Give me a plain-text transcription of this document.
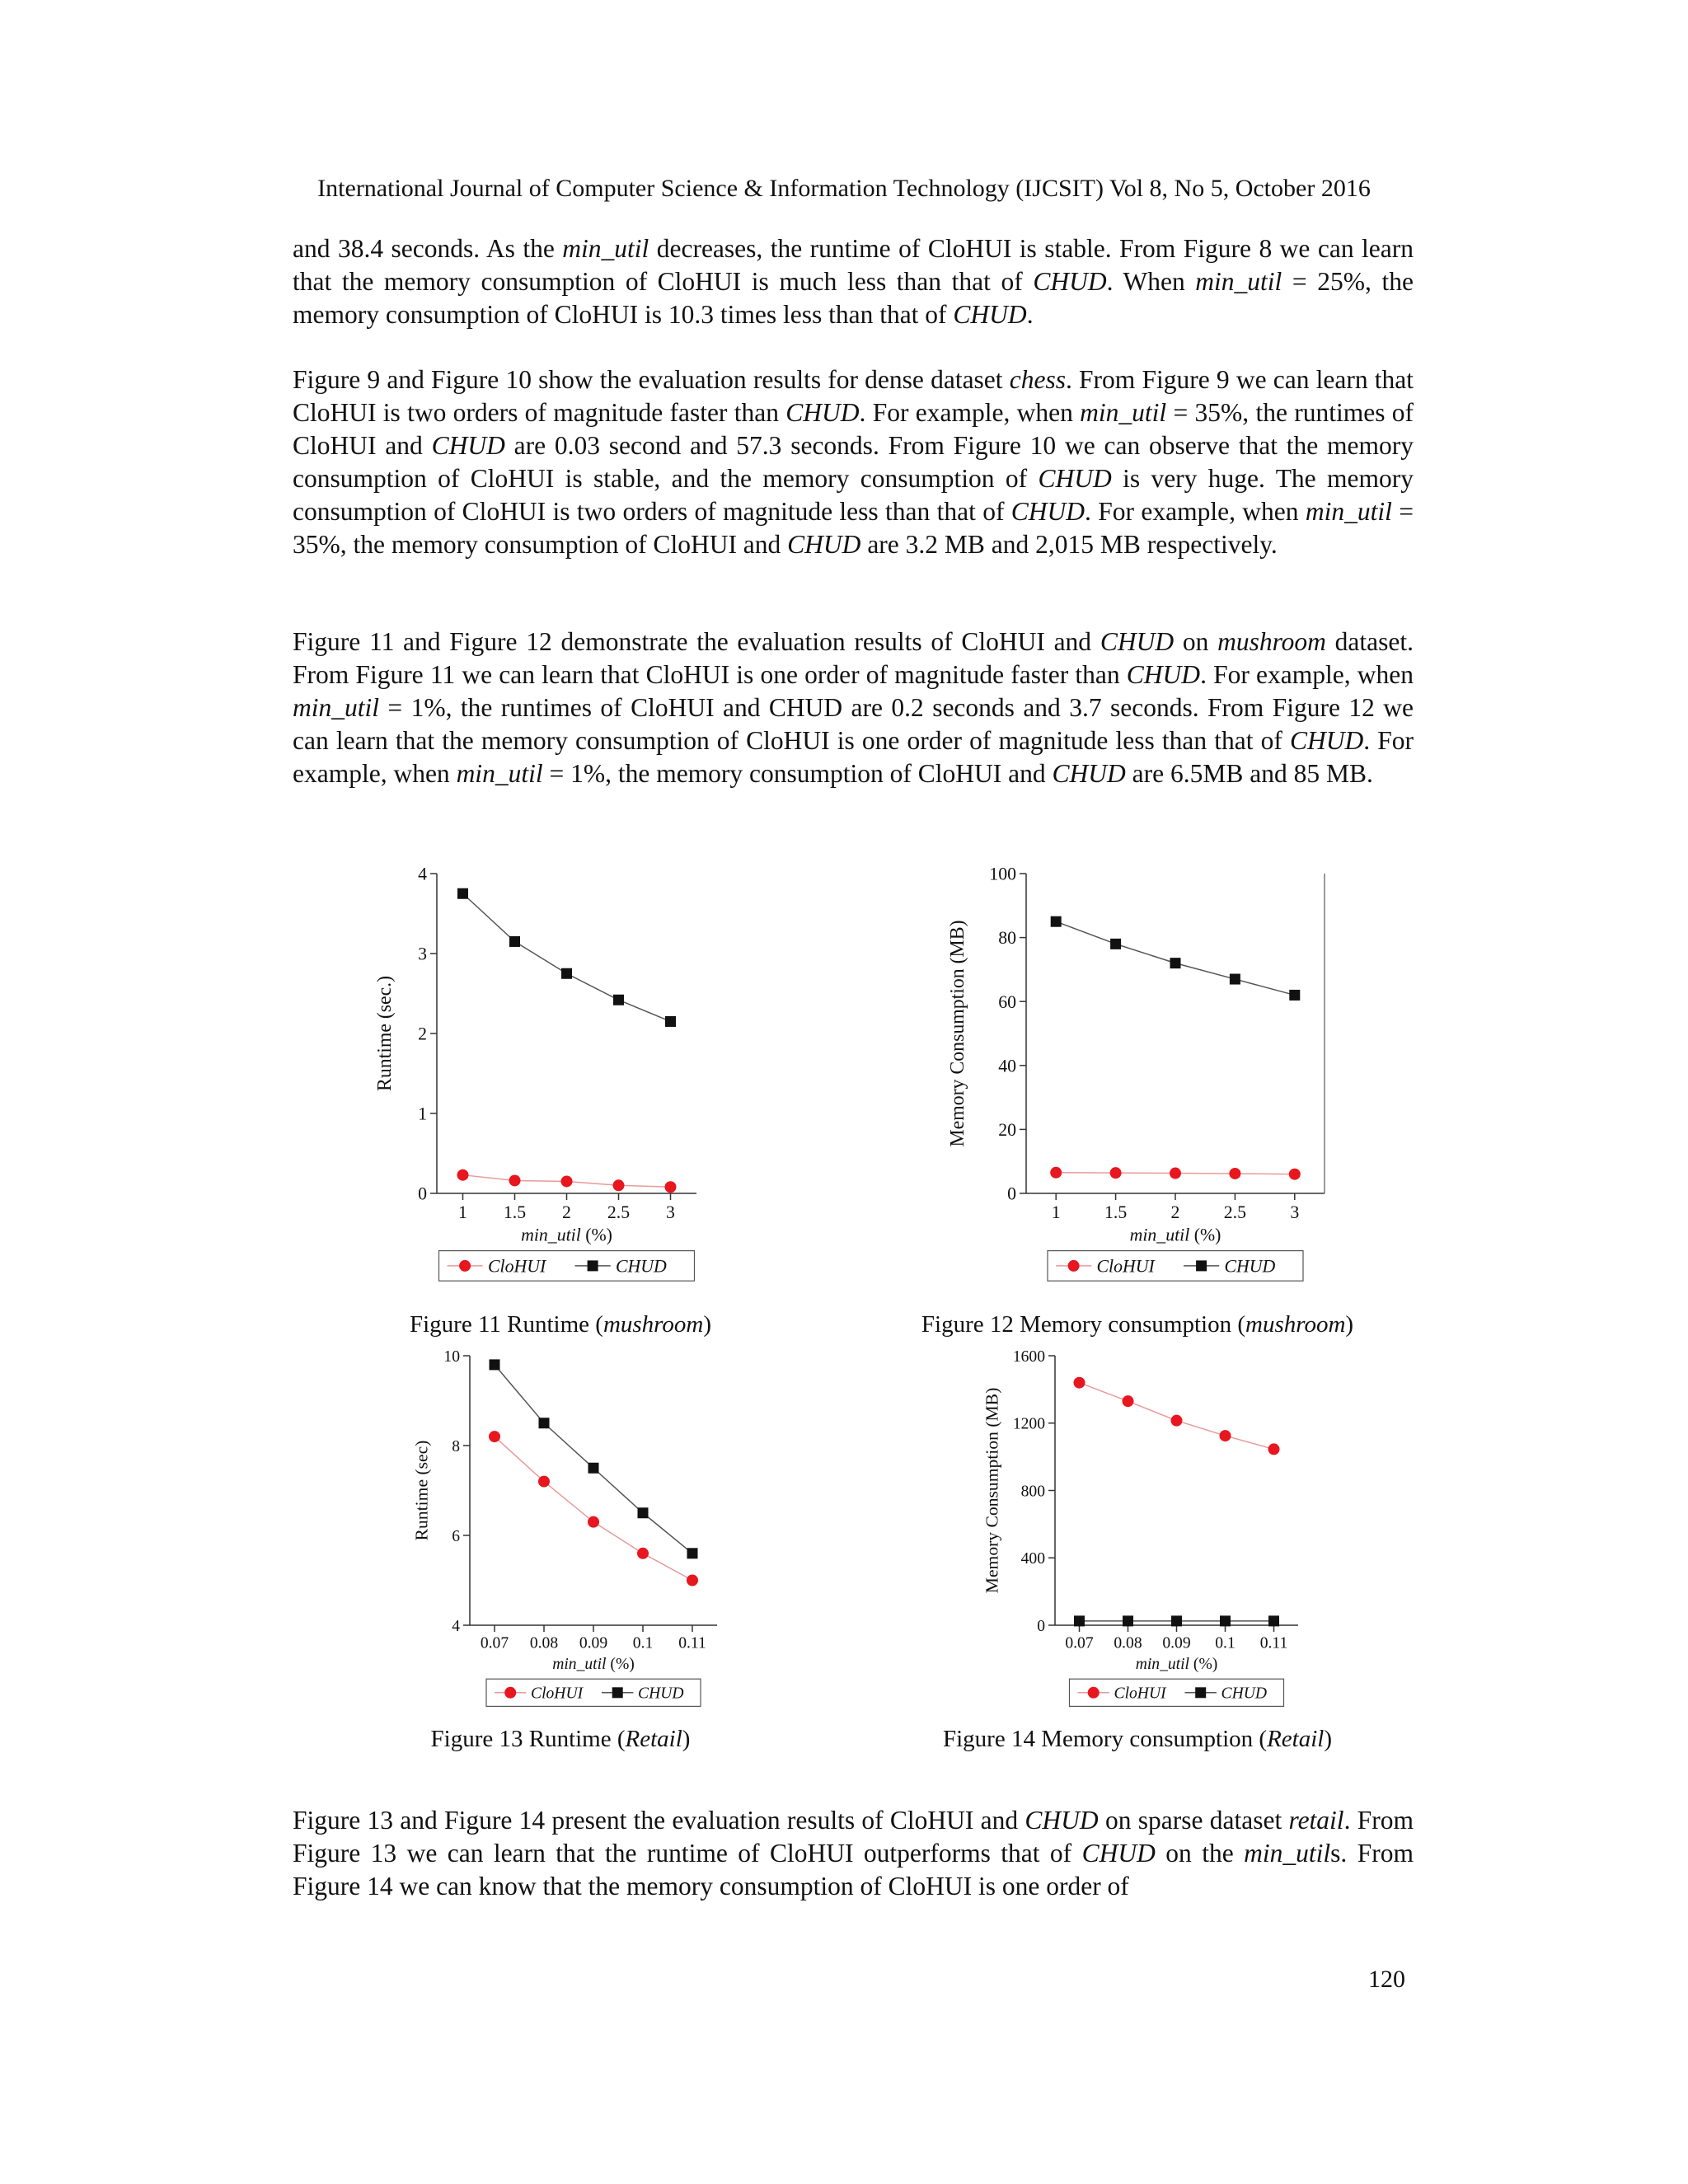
International Journal of Computer Science & Information Technology (IJCSIT) Vol 8, No 5, October 2016

and 38.4 seconds. As the min_util decreases, the runtime of CloHUI is stable. From Figure 8 we can learn that the memory consumption of CloHUI is much less than that of CHUD. When min_util = 25%, the memory consumption of CloHUI is 10.3 times less than that of CHUD.

Figure 9 and Figure 10 show the evaluation results for dense dataset chess. From Figure 9 we can learn that CloHUI is two orders of magnitude faster than CHUD. For example, when min_util = 35%, the runtimes of CloHUI and CHUD are 0.03 second and 57.3 seconds. From Figure 10 we can observe that the memory consumption of CloHUI is stable, and the memory consumption of CHUD is very huge. The memory consumption of CloHUI is two orders of magnitude less than that of CHUD. For example, when min_util = 35%, the memory consumption of CloHUI and CHUD are 3.2 MB and 2,015 MB respectively.

Figure 11 and Figure 12 demonstrate the evaluation results of CloHUI and CHUD on mushroom dataset. From Figure 11 we can learn that CloHUI is one order of magnitude faster than CHUD. For example, when min_util = 1%, the runtimes of CloHUI and CHUD are 0.2 seconds and 3.7 seconds. From Figure 12 we can learn that the memory consumption of CloHUI is one order of magnitude less than that of CHUD. For example, when min_util = 1%, the memory consumption of CloHUI and CHUD are 6.5MB and 85 MB.

0
1
2
3
4
1 1.5 2 2.5 3
min_util (%)
Runtime (sec.)
CloHUI	CHUD
0
20
40
60
80
100
1 1.5 2 2.5 3
min_util (%)
Memory Consumption (MB)
CloHUI	CHUD
4
6
8
10
0.07 0.08 0.09 0.1 0.11
min_util (%)
Runtime (sec)
CloHUI	CHUD
0
400
800
1200
1600
0.07 0.08 0.09 0.1 0.11
min_util (%)
Memory Consumption (MB)
CloHUI	CHUD
Figure 11 Runtime (mushroom)	Figure 12 Memory consumption (mushroom)
Figure 13 Runtime (Retail)	Figure 14 Memory consumption (Retail)

Figure 13 and Figure 14 present the evaluation results of CloHUI and CHUD on sparse dataset retail. From Figure 13 we can learn that the runtime of CloHUI outperforms that of CHUD on the min_utils. From Figure 14 we can know that the memory consumption of CloHUI is one order of

120
